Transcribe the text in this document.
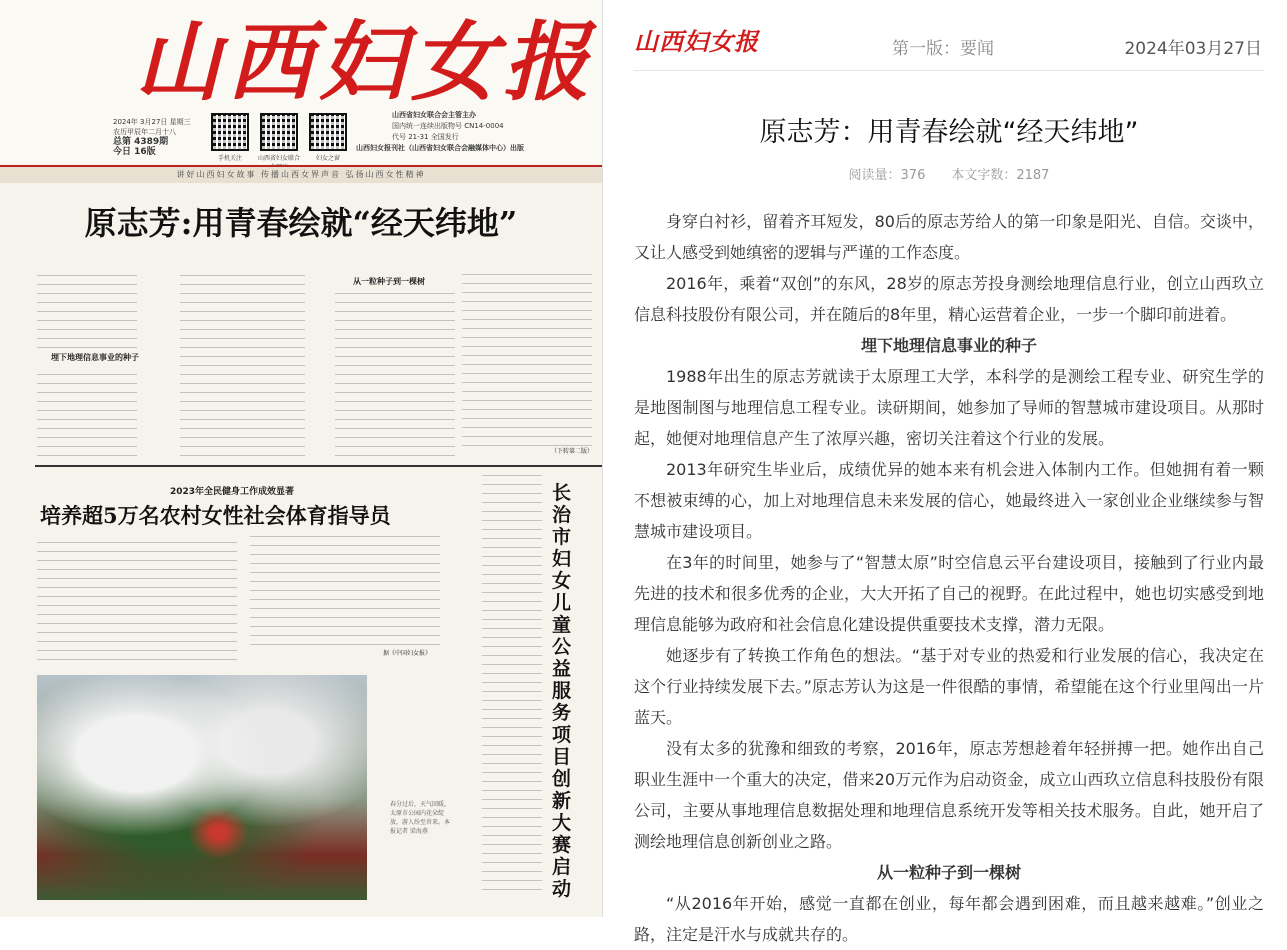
山西妇女报
2024年 3月27日 星期三
农历甲辰年二月十八
总第 4389期
今日 16版
手机关注	山西省妇女联合	妇女之窗
山西省妇女联合会主管主办
国内统一连续出版物号 CN14-0004
代号 21-31 全国发行
山西妇女报刊社（山西省妇女联合会融媒体中心）出版
讲好山西妇女故事 传播山西女界声音 弘扬山西女性精神
原志芳:用青春绘就“经天纬地”
埋下地理信息事业的种子
从一粒种子到一棵树
（下转第二版）
2023年全民健身工作成效显著
培养超5万名农村女性社会体育指导员
据《中国妇女报》
长治市妇女儿童公益服务项目创新大赛启动
春分过后，天气回暖，太原市公园内花朵绽放，游人纷至沓来。本报记者 梁海燕
山西妇女报	第一版：要闻	2024年03月27日
原志芳：用青春绘就“经天纬地”
阅读量：376 本文字数：2187

身穿白衬衫，留着齐耳短发，80后的原志芳给人的第一印象是阳光、自信。交谈中，又让人感受到她缜密的逻辑与严谨的工作态度。

2016年，乘着“双创”的东风，28岁的原志芳投身测绘地理信息行业，创立山西玖立信息科技股份有限公司，并在随后的8年里，精心运营着企业，一步一个脚印前进着。

埋下地理信息事业的种子

1988年出生的原志芳就读于太原理工大学，本科学的是测绘工程专业、研究生学的是地图制图与地理信息工程专业。读研期间，她参加了导师的智慧城市建设项目。从那时起，她便对地理信息产生了浓厚兴趣，密切关注着这个行业的发展。

2013年研究生毕业后，成绩优异的她本来有机会进入体制内工作。但她拥有着一颗不想被束缚的心，加上对地理信息未来发展的信心，她最终进入一家创业企业继续参与智慧城市建设项目。

在3年的时间里，她参与了“智慧太原”时空信息云平台建设项目，接触到了行业内最先进的技术和很多优秀的企业，大大开拓了自己的视野。在此过程中，她也切实感受到地理信息能够为政府和社会信息化建设提供重要技术支撑，潜力无限。

她逐步有了转换工作角色的想法。“基于对专业的热爱和行业发展的信心，我决定在这个行业持续发展下去。”原志芳认为这是一件很酷的事情，希望能在这个行业里闯出一片蓝天。

没有太多的犹豫和细致的考察，2016年，原志芳想趁着年轻拼搏一把。她作出自己职业生涯中一个重大的决定，借来20万元作为启动资金，成立山西玖立信息科技股份有限公司，主要从事地理信息数据处理和地理信息系统开发等相关技术服务。自此，她开启了测绘地理信息创新创业之路。

从一粒种子到一棵树

“从2016年开始，感觉一直都在创业，每年都会遇到困难，而且越来越难。”创业之路，注定是汗水与成就共存的。
